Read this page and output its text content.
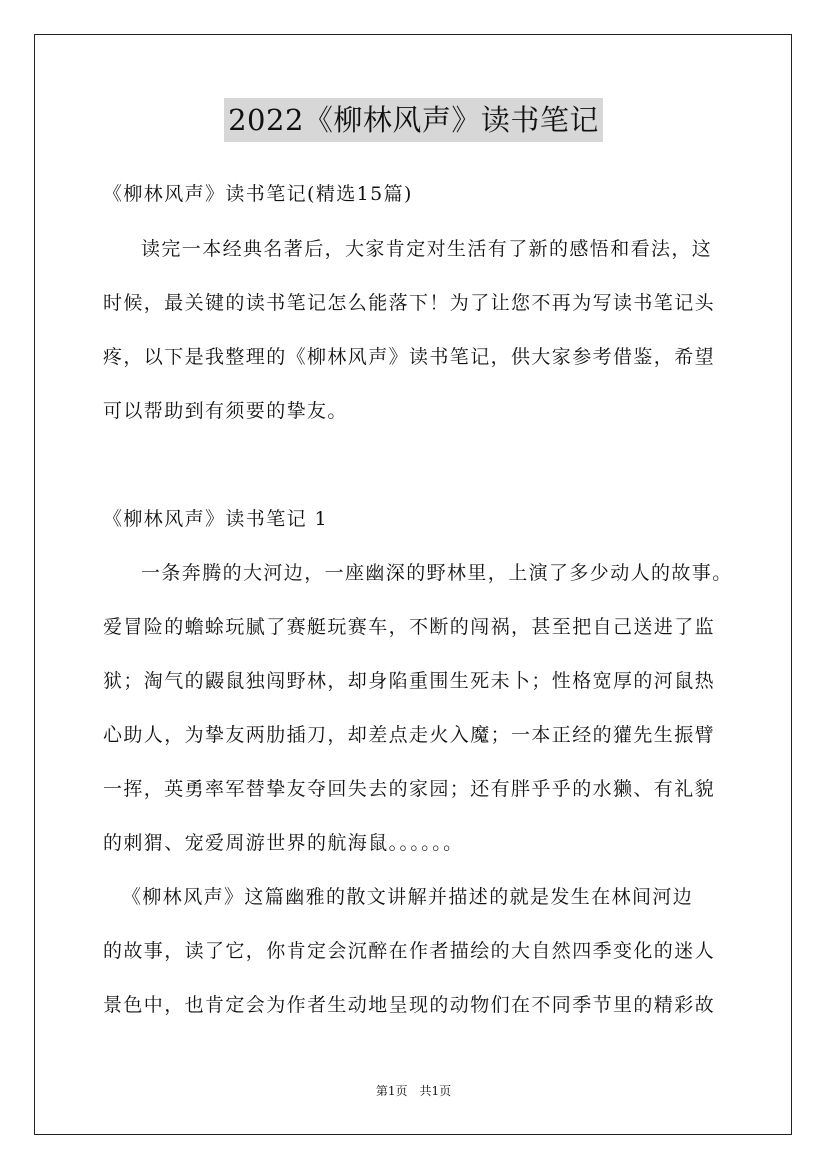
2022《柳林风声》读书笔记
《柳林风声》读书笔记(精选15篇)
读完一本经典名著后，大家肯定对生活有了新的感悟和看法，这
时候，最关键的读书笔记怎么能落下！为了让您不再为写读书笔记头
疼，以下是我整理的《柳林风声》读书笔记，供大家参考借鉴，希望
可以帮助到有须要的挚友。
《柳林风声》读书笔记 1
一条奔腾的大河边，一座幽深的野林里，上演了多少动人的故事。
爱冒险的蟾蜍玩腻了赛艇玩赛车，不断的闯祸，甚至把自己送进了监
狱；淘气的鼹鼠独闯野林，却身陷重围生死未卜；性格宽厚的河鼠热
心助人，为挚友两肋插刀，却差点走火入魔；一本正经的獾先生振臂
一挥，英勇率军替挚友夺回失去的家园；还有胖乎乎的水獭、有礼貌
的刺猬、宠爱周游世界的航海鼠。。。。。。
《柳林风声》这篇幽雅的散文讲解并描述的就是发生在林间河边
的故事，读了它，你肯定会沉醉在作者描绘的大自然四季变化的迷人
景色中，也肯定会为作者生动地呈现的动物们在不同季节里的精彩故
第1页　共1页
